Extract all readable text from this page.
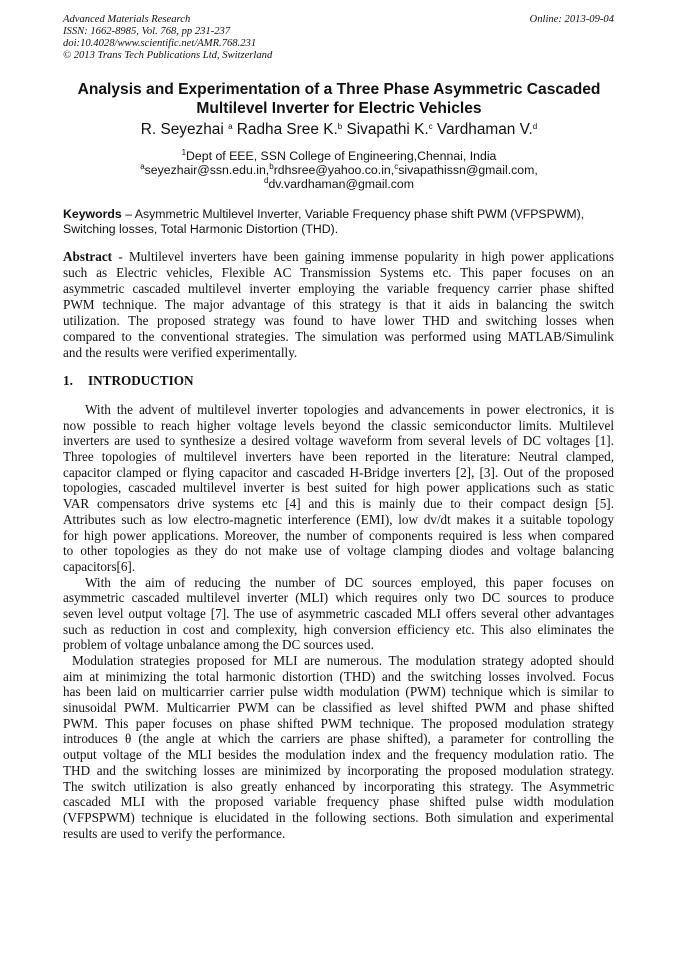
Advanced Materials Research
ISSN: 1662-8985, Vol. 768, pp 231-237
doi:10.4028/www.scientific.net/AMR.768.231
© 2013 Trans Tech Publications Ltd, Switzerland
Online: 2013-09-04
Analysis and Experimentation of a Three Phase Asymmetric Cascaded
Multilevel Inverter for Electric Vehicles
R. Seyezhai $^a$ Radha Sree K.$^b$ Sivapathi K.$^c$ Vardhaman V.$^d$
$^1$Dept of EEE, SSN College of Engineering,Chennai, India
$^a$seyezhair@ssn.edu.in,$^b$rdhsree@yahoo.co.in,$^c$sivapathissn@gmail.com,
$^d$dv.vardhaman@gmail.com
Keywords – Asymmetric Multilevel Inverter, Variable Frequency phase shift PWM (VFPSPWM),
Switching losses, Total Harmonic Distortion (THD).
Abstract - Multilevel inverters have been gaining immense popularity in high power applications
such as Electric vehicles, Flexible AC Transmission Systems etc. This paper focuses on an
asymmetric cascaded multilevel inverter employing the variable frequency carrier phase shifted
PWM technique. The major advantage of this strategy is that it aids in balancing the switch
utilization. The proposed strategy was found to have lower THD and switching losses when
compared to the conventional strategies. The simulation was performed using MATLAB/Simulink
and the results were verified experimentally.
1. INTRODUCTION
With the advent of multilevel inverter topologies and advancements in power electronics, it is
now possible to reach higher voltage levels beyond the classic semiconductor limits. Multilevel
inverters are used to synthesize a desired voltage waveform from several levels of DC voltages [1].
Three topologies of multilevel inverters have been reported in the literature: Neutral clamped,
capacitor clamped or flying capacitor and cascaded H-Bridge inverters [2], [3]. Out of the proposed
topologies, cascaded multilevel inverter is best suited for high power applications such as static
VAR compensators drive systems etc [4] and this is mainly due to their compact design [5].
Attributes such as low electro-magnetic interference (EMI), low dv/dt makes it a suitable topology
for high power applications. Moreover, the number of components required is less when compared
to other topologies as they do not make use of voltage clamping diodes and voltage balancing
capacitors[6].
With the aim of reducing the number of DC sources employed, this paper focuses on
asymmetric cascaded multilevel inverter (MLI) which requires only two DC sources to produce
seven level output voltage [7]. The use of asymmetric cascaded MLI offers several other advantages
such as reduction in cost and complexity, high conversion efficiency etc. This also eliminates the
problem of voltage unbalance among the DC sources used.
Modulation strategies proposed for MLI are numerous. The modulation strategy adopted should
aim at minimizing the total harmonic distortion (THD) and the switching losses involved. Focus
has been laid on multicarrier carrier pulse width modulation (PWM) technique which is similar to
sinusoidal PWM. Multicarrier PWM can be classified as level shifted PWM and phase shifted
PWM. This paper focuses on phase shifted PWM technique. The proposed modulation strategy
introduces θ (the angle at which the carriers are phase shifted), a parameter for controlling the
output voltage of the MLI besides the modulation index and the frequency modulation ratio. The
THD and the switching losses are minimized by incorporating the proposed modulation strategy.
The switch utilization is also greatly enhanced by incorporating this strategy. The Asymmetric
cascaded MLI with the proposed variable frequency phase shifted pulse width modulation
(VFPSPWM) technique is elucidated in the following sections. Both simulation and experimental
results are used to verify the performance.
